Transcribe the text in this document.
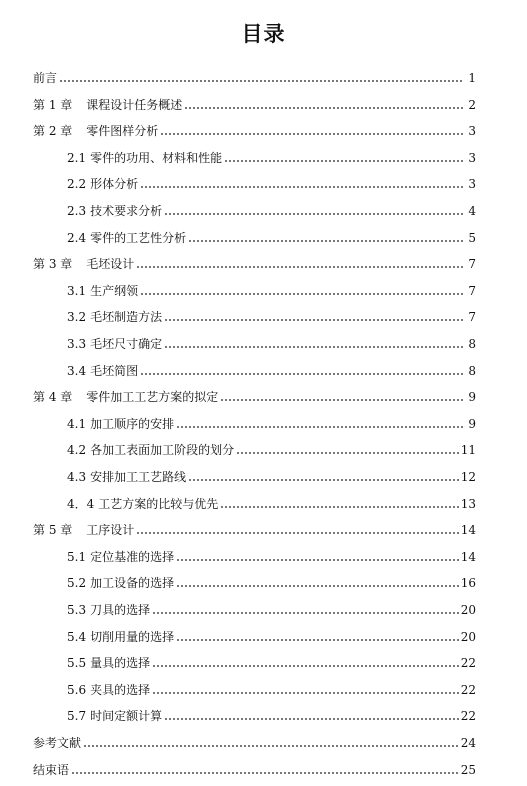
目录
前言	1
第 1 章 课程设计任务概述	2
第 2 章 零件图样分析	3
2.1 零件的功用、材料和性能	3
2.2 形体分析	3
2.3 技术要求分析	4
2.4 零件的工艺性分析	5
第 3 章 毛坯设计	7
3.1 生产纲领	7
3.2 毛坯制造方法	7
3.3 毛坯尺寸确定	8
3.4 毛坯简图	8
第 4 章 零件加工工艺方案的拟定	9
4.1 加工顺序的安排	9
4.2 各加工表面加工阶段的划分	11
4.3 安排加工工艺路线	12
4．4 工艺方案的比较与优先	13
第 5 章 工序设计	14
5.1 定位基准的选择	14
5.2 加工设备的选择	16
5.3 刀具的选择	20
5.4 切削用量的选择	20
5.5 量具的选择	22
5.6 夹具的选择	22
5.7 时间定额计算	22
参考文献	24
结束语	25
